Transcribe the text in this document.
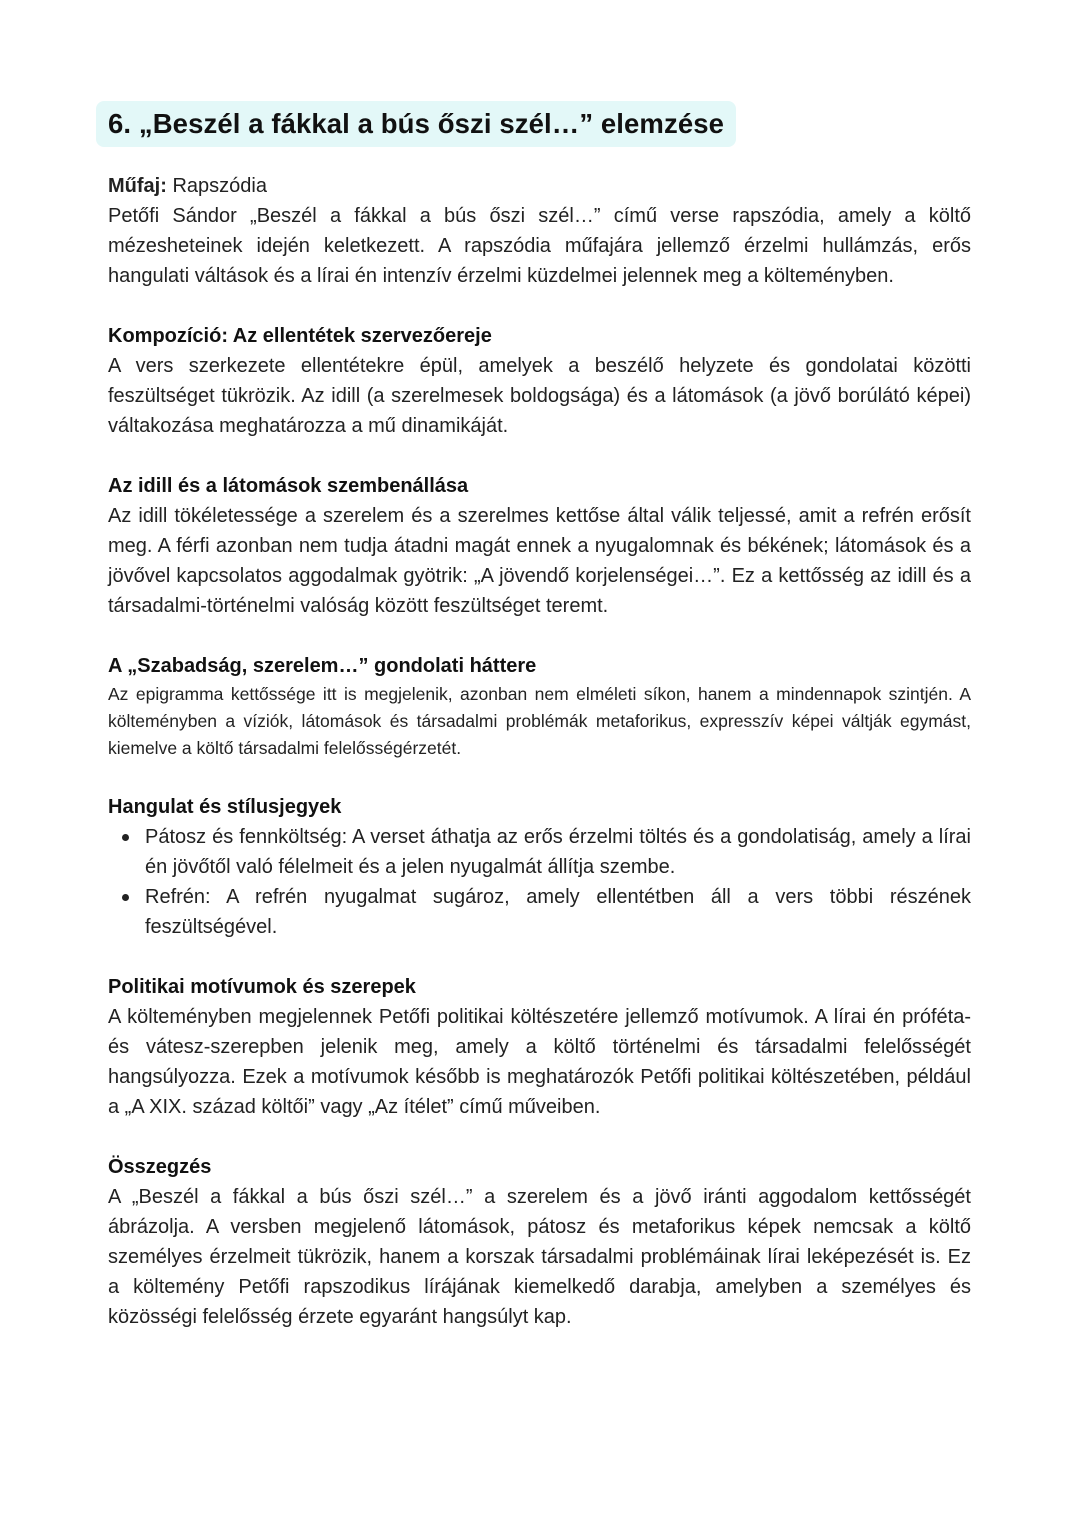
6. „Beszél a fákkal a bús őszi szél…” elemzése

Műfaj: Rapszódia

Petőfi Sándor „Beszél a fákkal a bús őszi szél…” című verse rapszódia, amely a költő mézesheteinek idején keletkezett. A rapszódia műfajára jellemző érzelmi hullámzás, erős hangulati váltások és a lírai én intenzív érzelmi küzdelmei jelennek meg a költeményben.

Kompozíció: Az ellentétek szervezőereje

A vers szerkezete ellentétekre épül, amelyek a beszélő helyzete és gondolatai közötti feszültséget tükrözik. Az idill (a szerelmesek boldogsága) és a látomások (a jövő borúlátó képei) váltakozása meghatározza a mű dinamikáját.

Az idill és a látomások szembenállása

Az idill tökéletessége a szerelem és a szerelmes kettőse által válik teljessé, amit a refrén erősít meg. A férfi azonban nem tudja átadni magát ennek a nyugalomnak és békének; látomások és a jövővel kapcsolatos aggodalmak gyötrik: „A jövendő korjelenségei…”. Ez a kettősség az idill és a társadalmi-történelmi valóság között feszültséget teremt.

A „Szabadság, szerelem…” gondolati háttere

Az epigramma kettőssége itt is megjelenik, azonban nem elméleti síkon, hanem a mindennapok szintjén. A költeményben a víziók, látomások és társadalmi problémák metaforikus, expresszív képei váltják egymást, kiemelve a költő társadalmi felelősségérzetét.

Hangulat és stílusjegyek
Pátosz és fennköltség: A verset áthatja az erős érzelmi töltés és a gondolatiság, amely a lírai én jövőtől való félelmeit és a jelen nyugalmát állítja szembe.
Refrén: A refrén nyugalmat sugároz, amely ellentétben áll a vers többi részének feszültségével.
Politikai motívumok és szerepek

A költeményben megjelennek Petőfi politikai költészetére jellemző motívumok. A lírai én próféta- és vátesz-szerepben jelenik meg, amely a költő történelmi és társadalmi felelősségét hangsúlyozza. Ezek a motívumok később is meghatározók Petőfi politikai költészetében, például a „A XIX. század költői” vagy „Az ítélet” című műveiben.

Összegzés

A „Beszél a fákkal a bús őszi szél…” a szerelem és a jövő iránti aggodalom kettősségét ábrázolja. A versben megjelenő látomások, pátosz és metaforikus képek nemcsak a költő személyes érzelmeit tükrözik, hanem a korszak társadalmi problémáinak lírai leképezését is. Ez a költemény Petőfi rapszodikus lírájának kiemelkedő darabja, amelyben a személyes és közösségi felelősség érzete egyaránt hangsúlyt kap.
